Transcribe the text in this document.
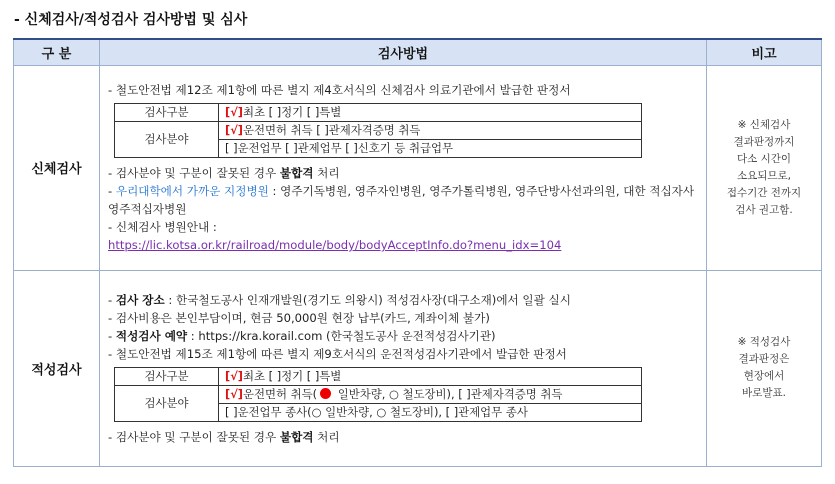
- 신체검사/적성검사 검사방법 및 심사
구 분	검사방법	비고
신체검사	
- 철도안전법 제12조 제1항에 따른 별지 제4호서식의 신체검사 의료기관에서 발급한 판정서
검사구분	[√]최초 [ ]정기 [ ]특별
검사분야	[√]운전면허 취득 [ ]관제자격증명 취득
[ ]운전업무 [ ]관제업무 [ ]신호기 등 취급업무
- 검사분야 및 구분이 잘못된 경우 불합격 처리
- 우리대학에서 가까운 지정병원 : 영주기독병원, 영주자인병원, 영주가톨릭병원, 영주단방사선과의원, 대한 적십자사 영주적십자병원
- 신체검사 병원안내 :
https://lic.kotsa.or.kr/railroad/module/body/bodyAcceptInfo.do?menu_idx=104

※ 신체검사
결과판정까지
다소 시간이
소요되므로,
접수기간 전까지
검사 권고함.

적성검사	
- 검사 장소 : 한국철도공사 인재개발원(경기도 의왕시) 적성검사장(대구소재)에서 일괄 실시
- 검사비용은 본인부담이며, 현금 50,000원 현장 납부(카드, 계좌이체 불가)
- 적성검사 예약 : https://kra.korail.com (한국철도공사 운전적성검사기관)
- 철도안전법 제15조 제1항에 따른 별지 제9호서식의 운전적성검사기관에서 발급한 판정서
검사구분	[√]최초 [ ]정기 [ ]특별
검사분야	[√]운전면허 취득( 일반차량, ○ 철도장비), [ ]관제자격증명 취득
[ ]운전업무 종사(○ 일반차량, ○ 철도장비), [ ]관제업무 종사
- 검사분야 및 구분이 잘못된 경우 불합격 처리

※ 적성검사
결과판정은
현장에서
바로발표.
